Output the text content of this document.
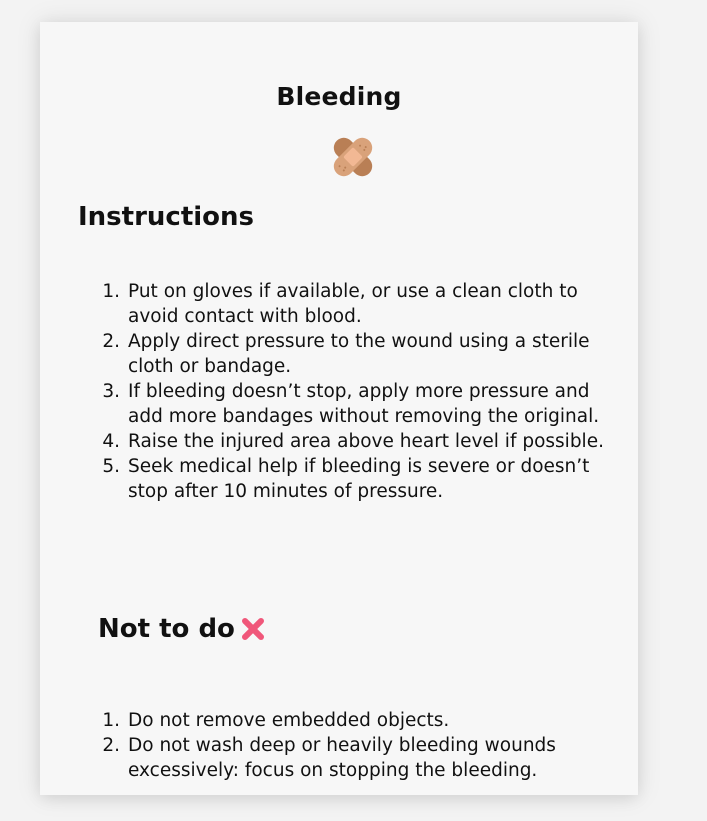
Bleeding
Instructions
1. Put on gloves if available, or use a clean cloth to avoid contact with blood.
2. Apply direct pressure to the wound using a sterile cloth or bandage.
3. If bleeding doesn’t stop, apply more pressure and add more bandages without removing the original.
4. Raise the injured area above heart level if possible.
5. Seek medical help if bleeding is severe or doesn’t stop after 10 minutes of pressure.
Not to do
1. Do not remove embedded objects.
2. Do not wash deep or heavily bleeding wounds excessively: focus on stopping the bleeding.
